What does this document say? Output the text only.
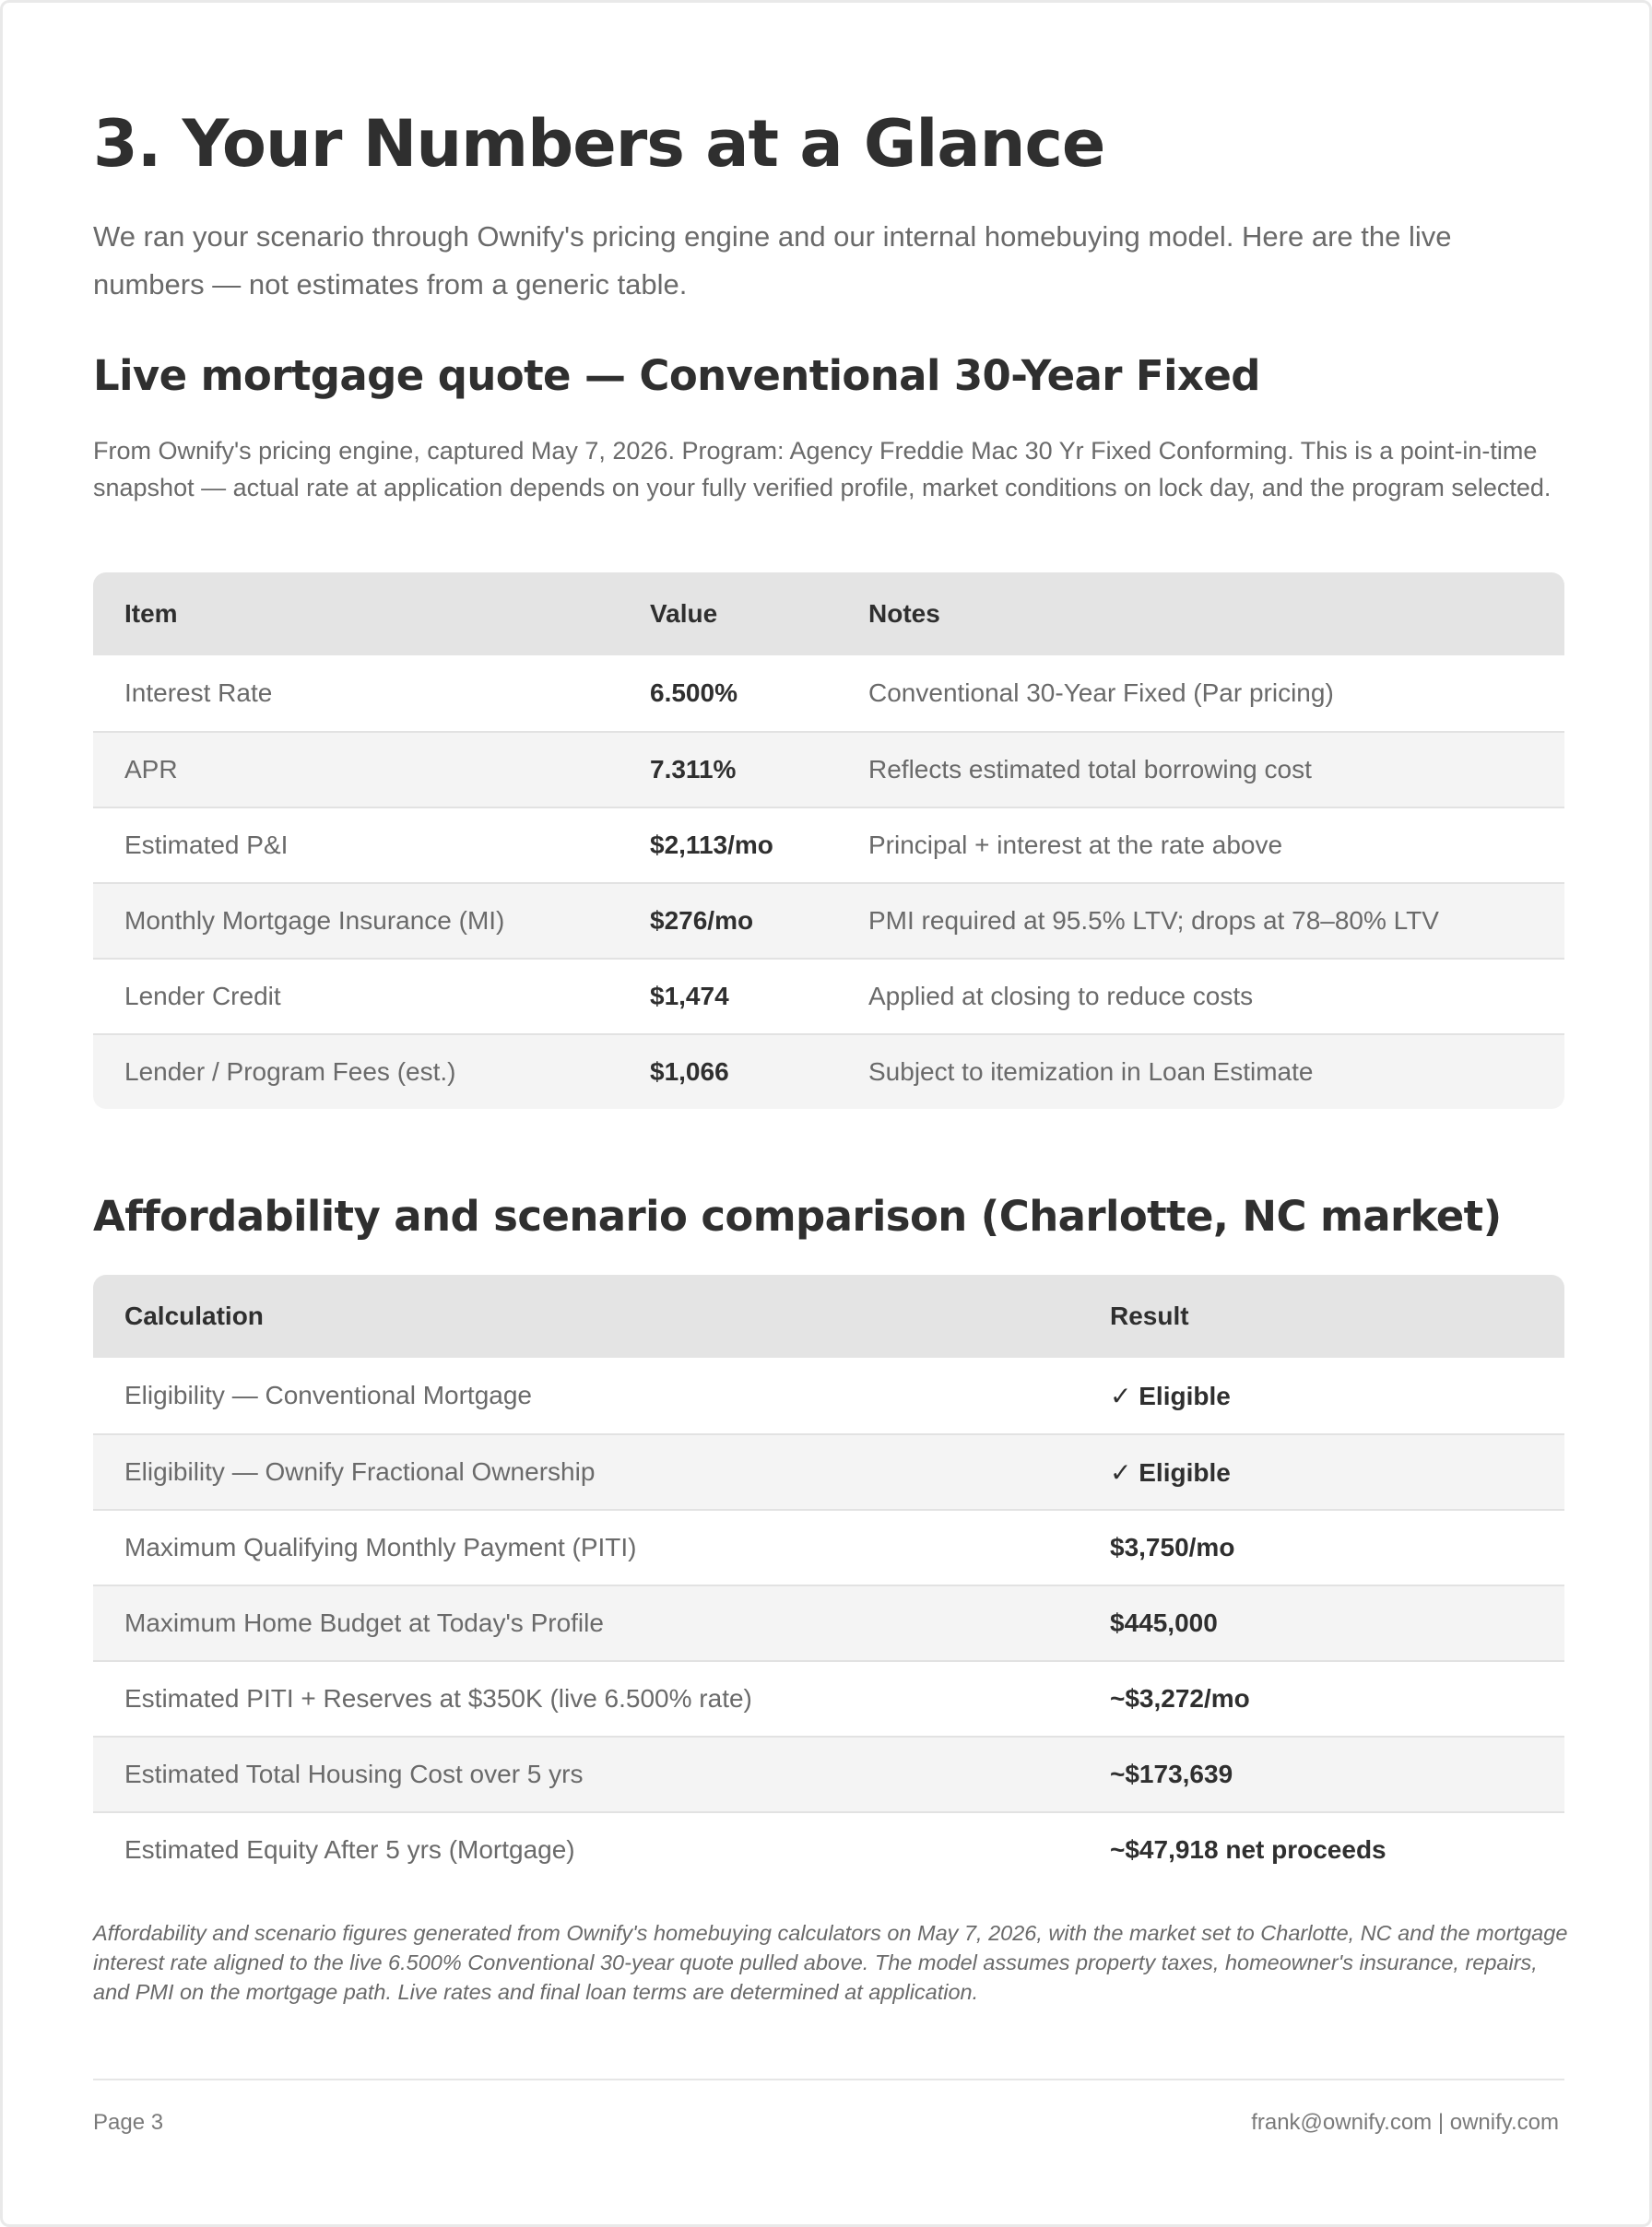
3. Your Numbers at a Glance

We ran your scenario through Ownify's pricing engine and our internal homebuying model. Here are the live numbers — not estimates from a generic table.

Live mortgage quote — Conventional 30-Year Fixed

From Ownify's pricing engine, captured May 7, 2026. Program: Agency Freddie Mac 30 Yr Fixed Conforming. This is a point-in-time snapshot — actual rate at application depends on your fully verified profile, market conditions on lock day, and the program selected.

Item	Value	Notes
Interest Rate	6.500%	Conventional 30-Year Fixed (Par pricing)
APR	7.311%	Reflects estimated total borrowing cost
Estimated P&I	$2,113/mo	Principal + interest at the rate above
Monthly Mortgage Insurance (MI)	$276/mo	PMI required at 95.5% LTV; drops at 78–80% LTV
Lender Credit	$1,474	Applied at closing to reduce costs
Lender / Program Fees (est.)	$1,066	Subject to itemization in Loan Estimate
Affordability and scenario comparison (Charlotte, NC market)
Calculation	Result
Eligibility — Conventional Mortgage	✓ Eligible
Eligibility — Ownify Fractional Ownership	✓ Eligible
Maximum Qualifying Monthly Payment (PITI)	$3,750/mo
Maximum Home Budget at Today's Profile	$445,000
Estimated PITI + Reserves at $350K (live 6.500% rate)	~$3,272/mo
Estimated Total Housing Cost over 5 yrs	~$173,639
Estimated Equity After 5 yrs (Mortgage)	~$47,918 net proceeds

Affordability and scenario figures generated from Ownify's homebuying calculators on May 7, 2026, with the market set to Charlotte, NC and the mortgage interest rate aligned to the live 6.500% Conventional 30-year quote pulled above. The model assumes property taxes, homeowner's insurance, repairs, and PMI on the mortgage path. Live rates and final loan terms are determined at application.

Page 3	frank@ownify.com | ownify.com
